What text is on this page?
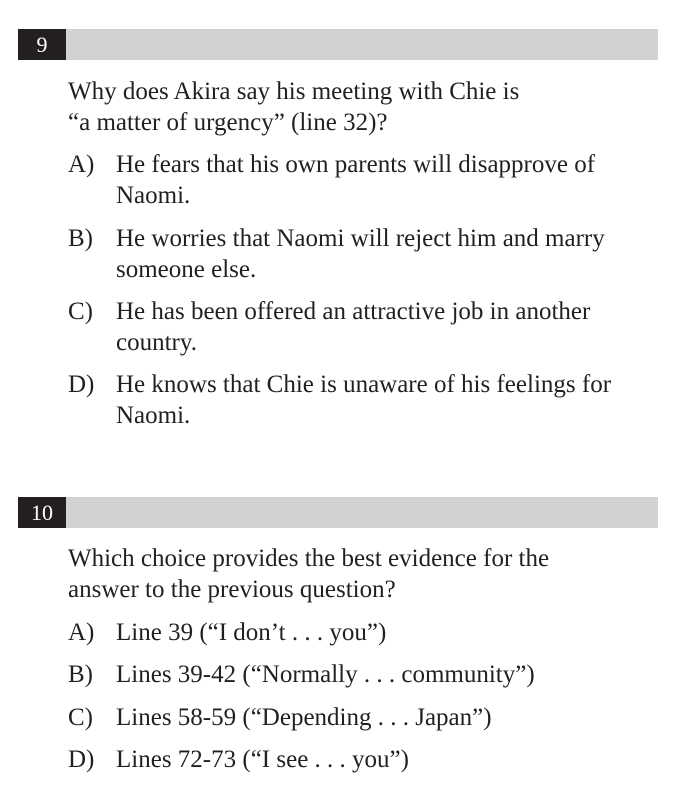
9

Why does Akira say his meeting with Chie is
“a matter of urgency” (line 32)?

A) He fears that his own parents will disapprove of
Naomi.
B) He worries that Naomi will reject him and marry
someone else.
C) He has been offered an attractive job in another
country.
D) He knows that Chie is unaware of his feelings for
Naomi.
10

Which choice provides the best evidence for the
answer to the previous question?

A) Line 39 (“I don’t . . . you”)
B) Lines 39-42 (“Normally . . . community”)
C) Lines 58-59 (“Depending . . . Japan”)
D) Lines 72-73 (“I see . . . you”)
